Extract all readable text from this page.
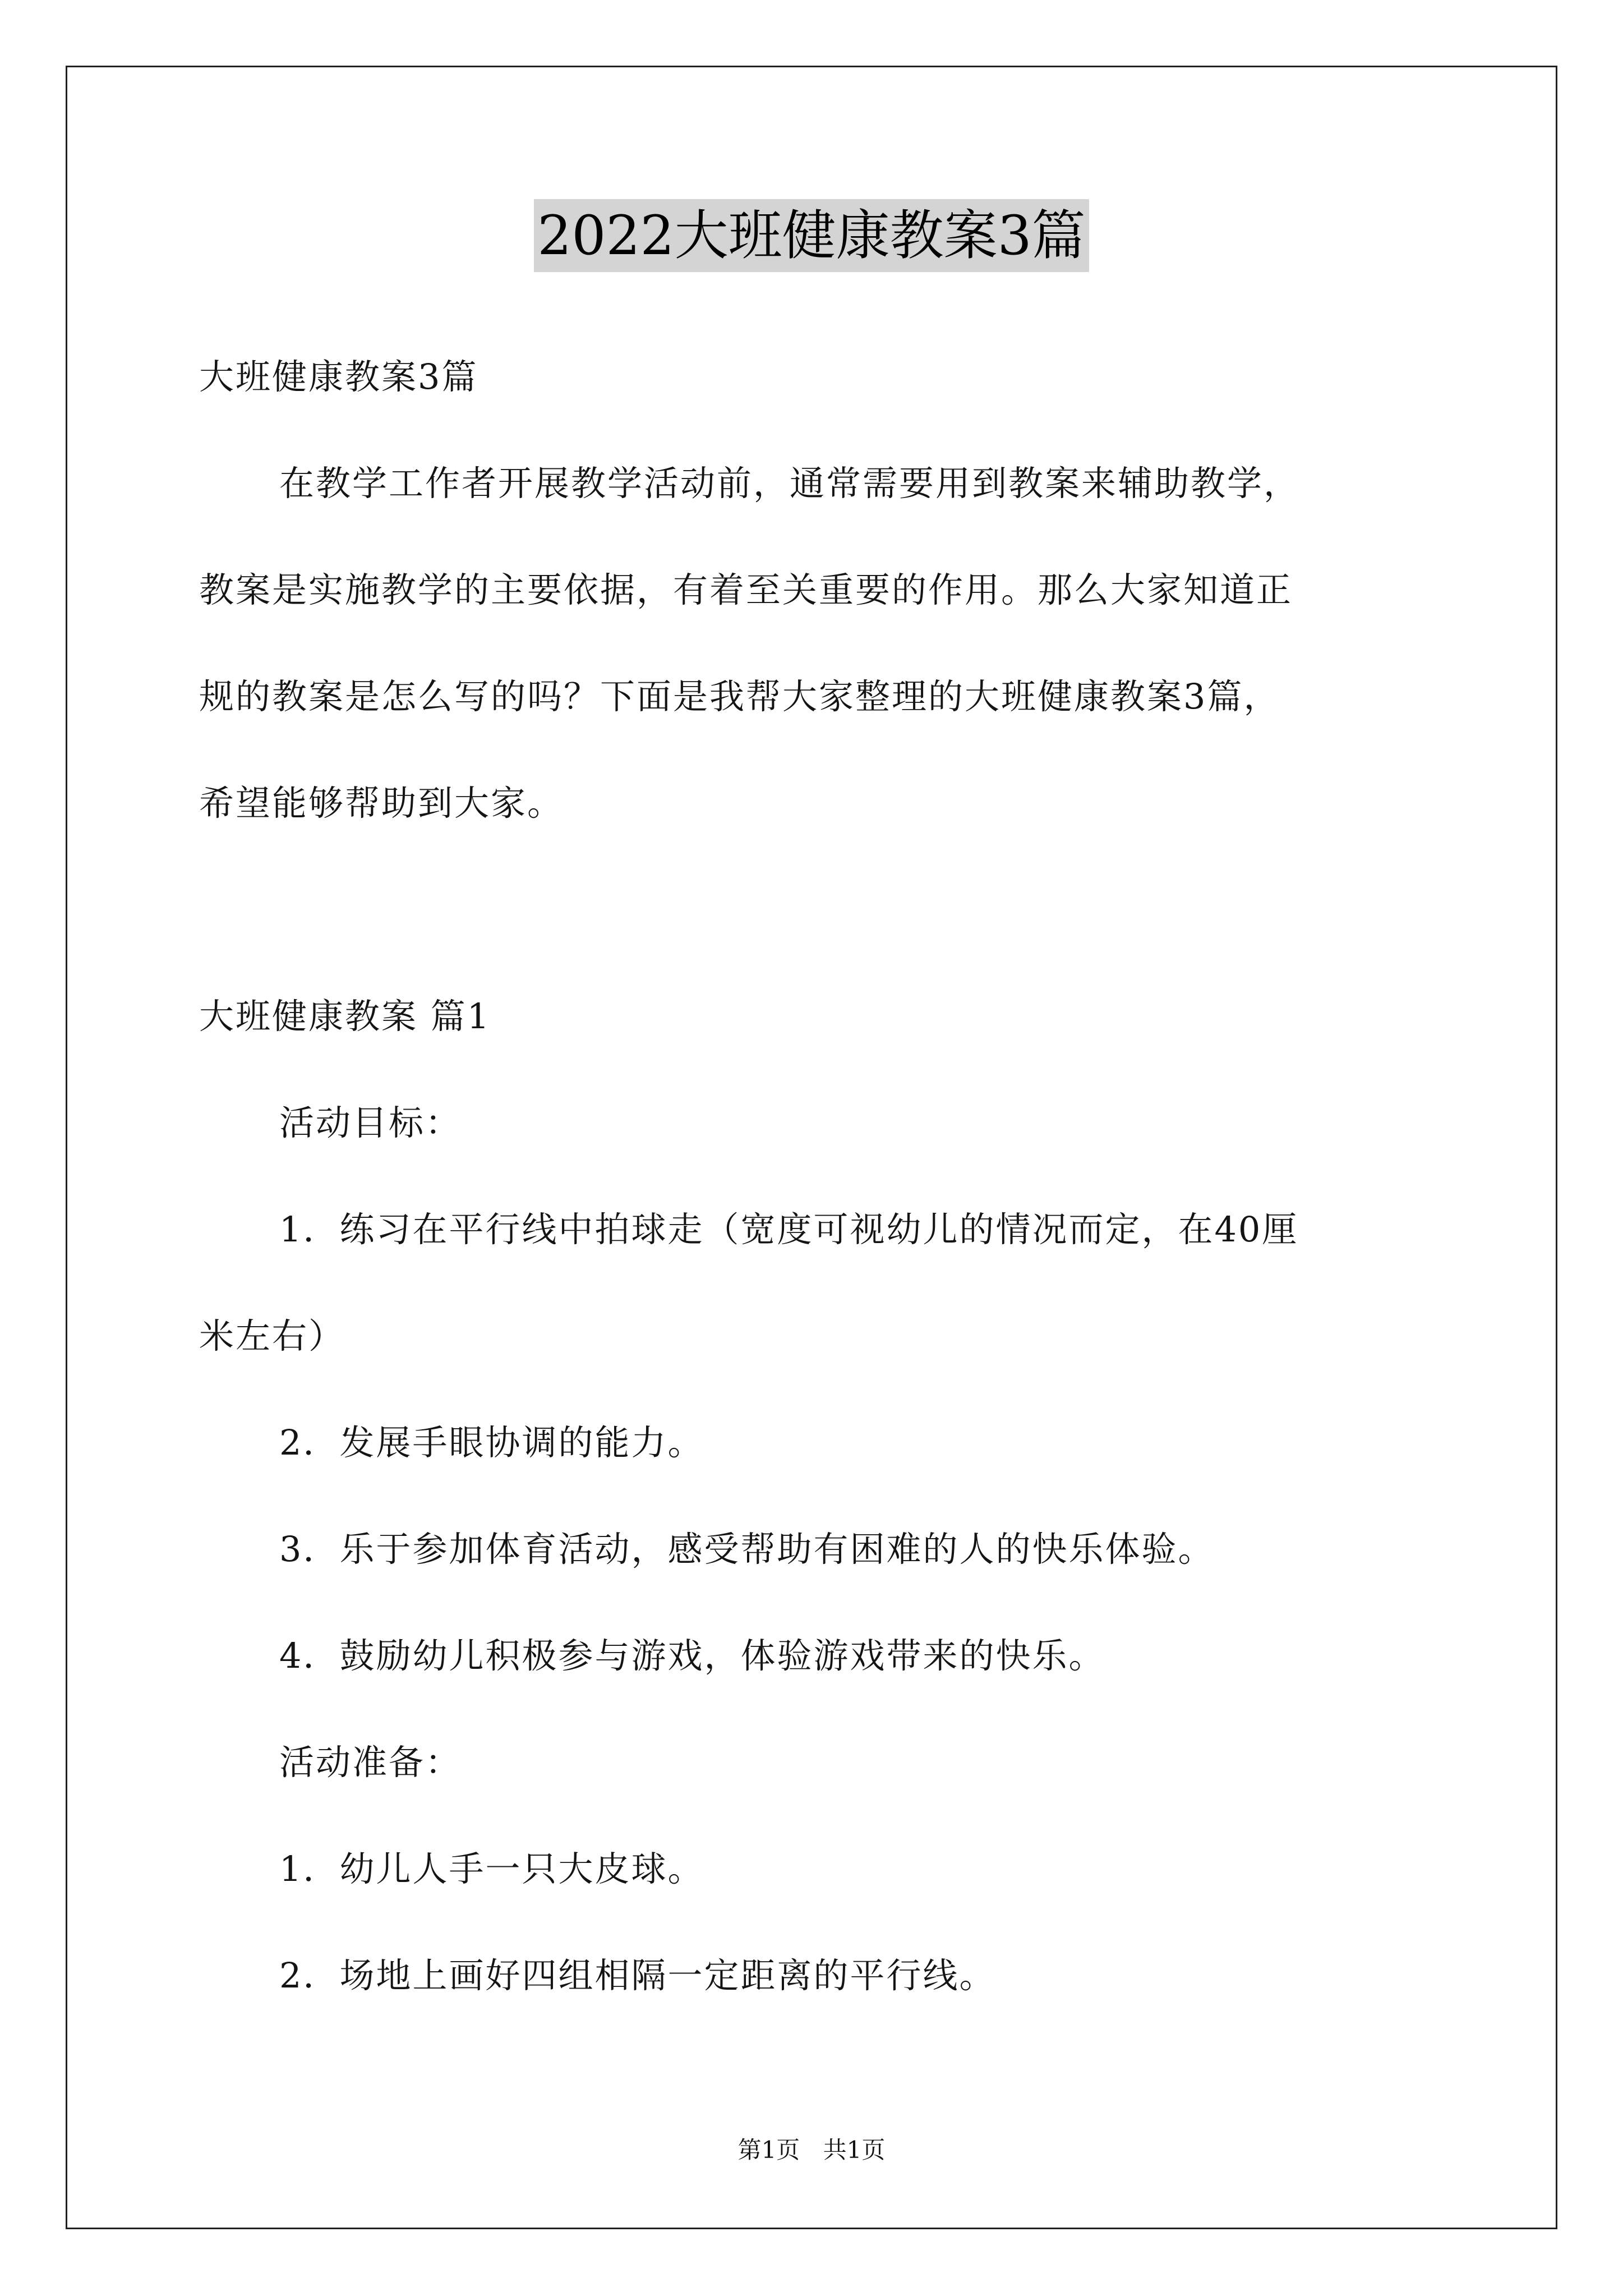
2022大班健康教案3篇
大班健康教案3篇
在教学工作者开展教学活动前，通常需要用到教案来辅助教学，
教案是实施教学的主要依据，有着至关重要的作用。那么大家知道正
规的教案是怎么写的吗？下面是我帮大家整理的大班健康教案3篇，
希望能够帮助到大家。
大班健康教案 篇1
活动目标：
1．练习在平行线中拍球走（宽度可视幼儿的情况而定，在40厘
米左右）
2．发展手眼协调的能力。
3．乐于参加体育活动，感受帮助有困难的人的快乐体验。
4．鼓励幼儿积极参与游戏，体验游戏带来的快乐。
活动准备：
1．幼儿人手一只大皮球。
2．场地上画好四组相隔一定距离的平行线。
第1页 共1页
